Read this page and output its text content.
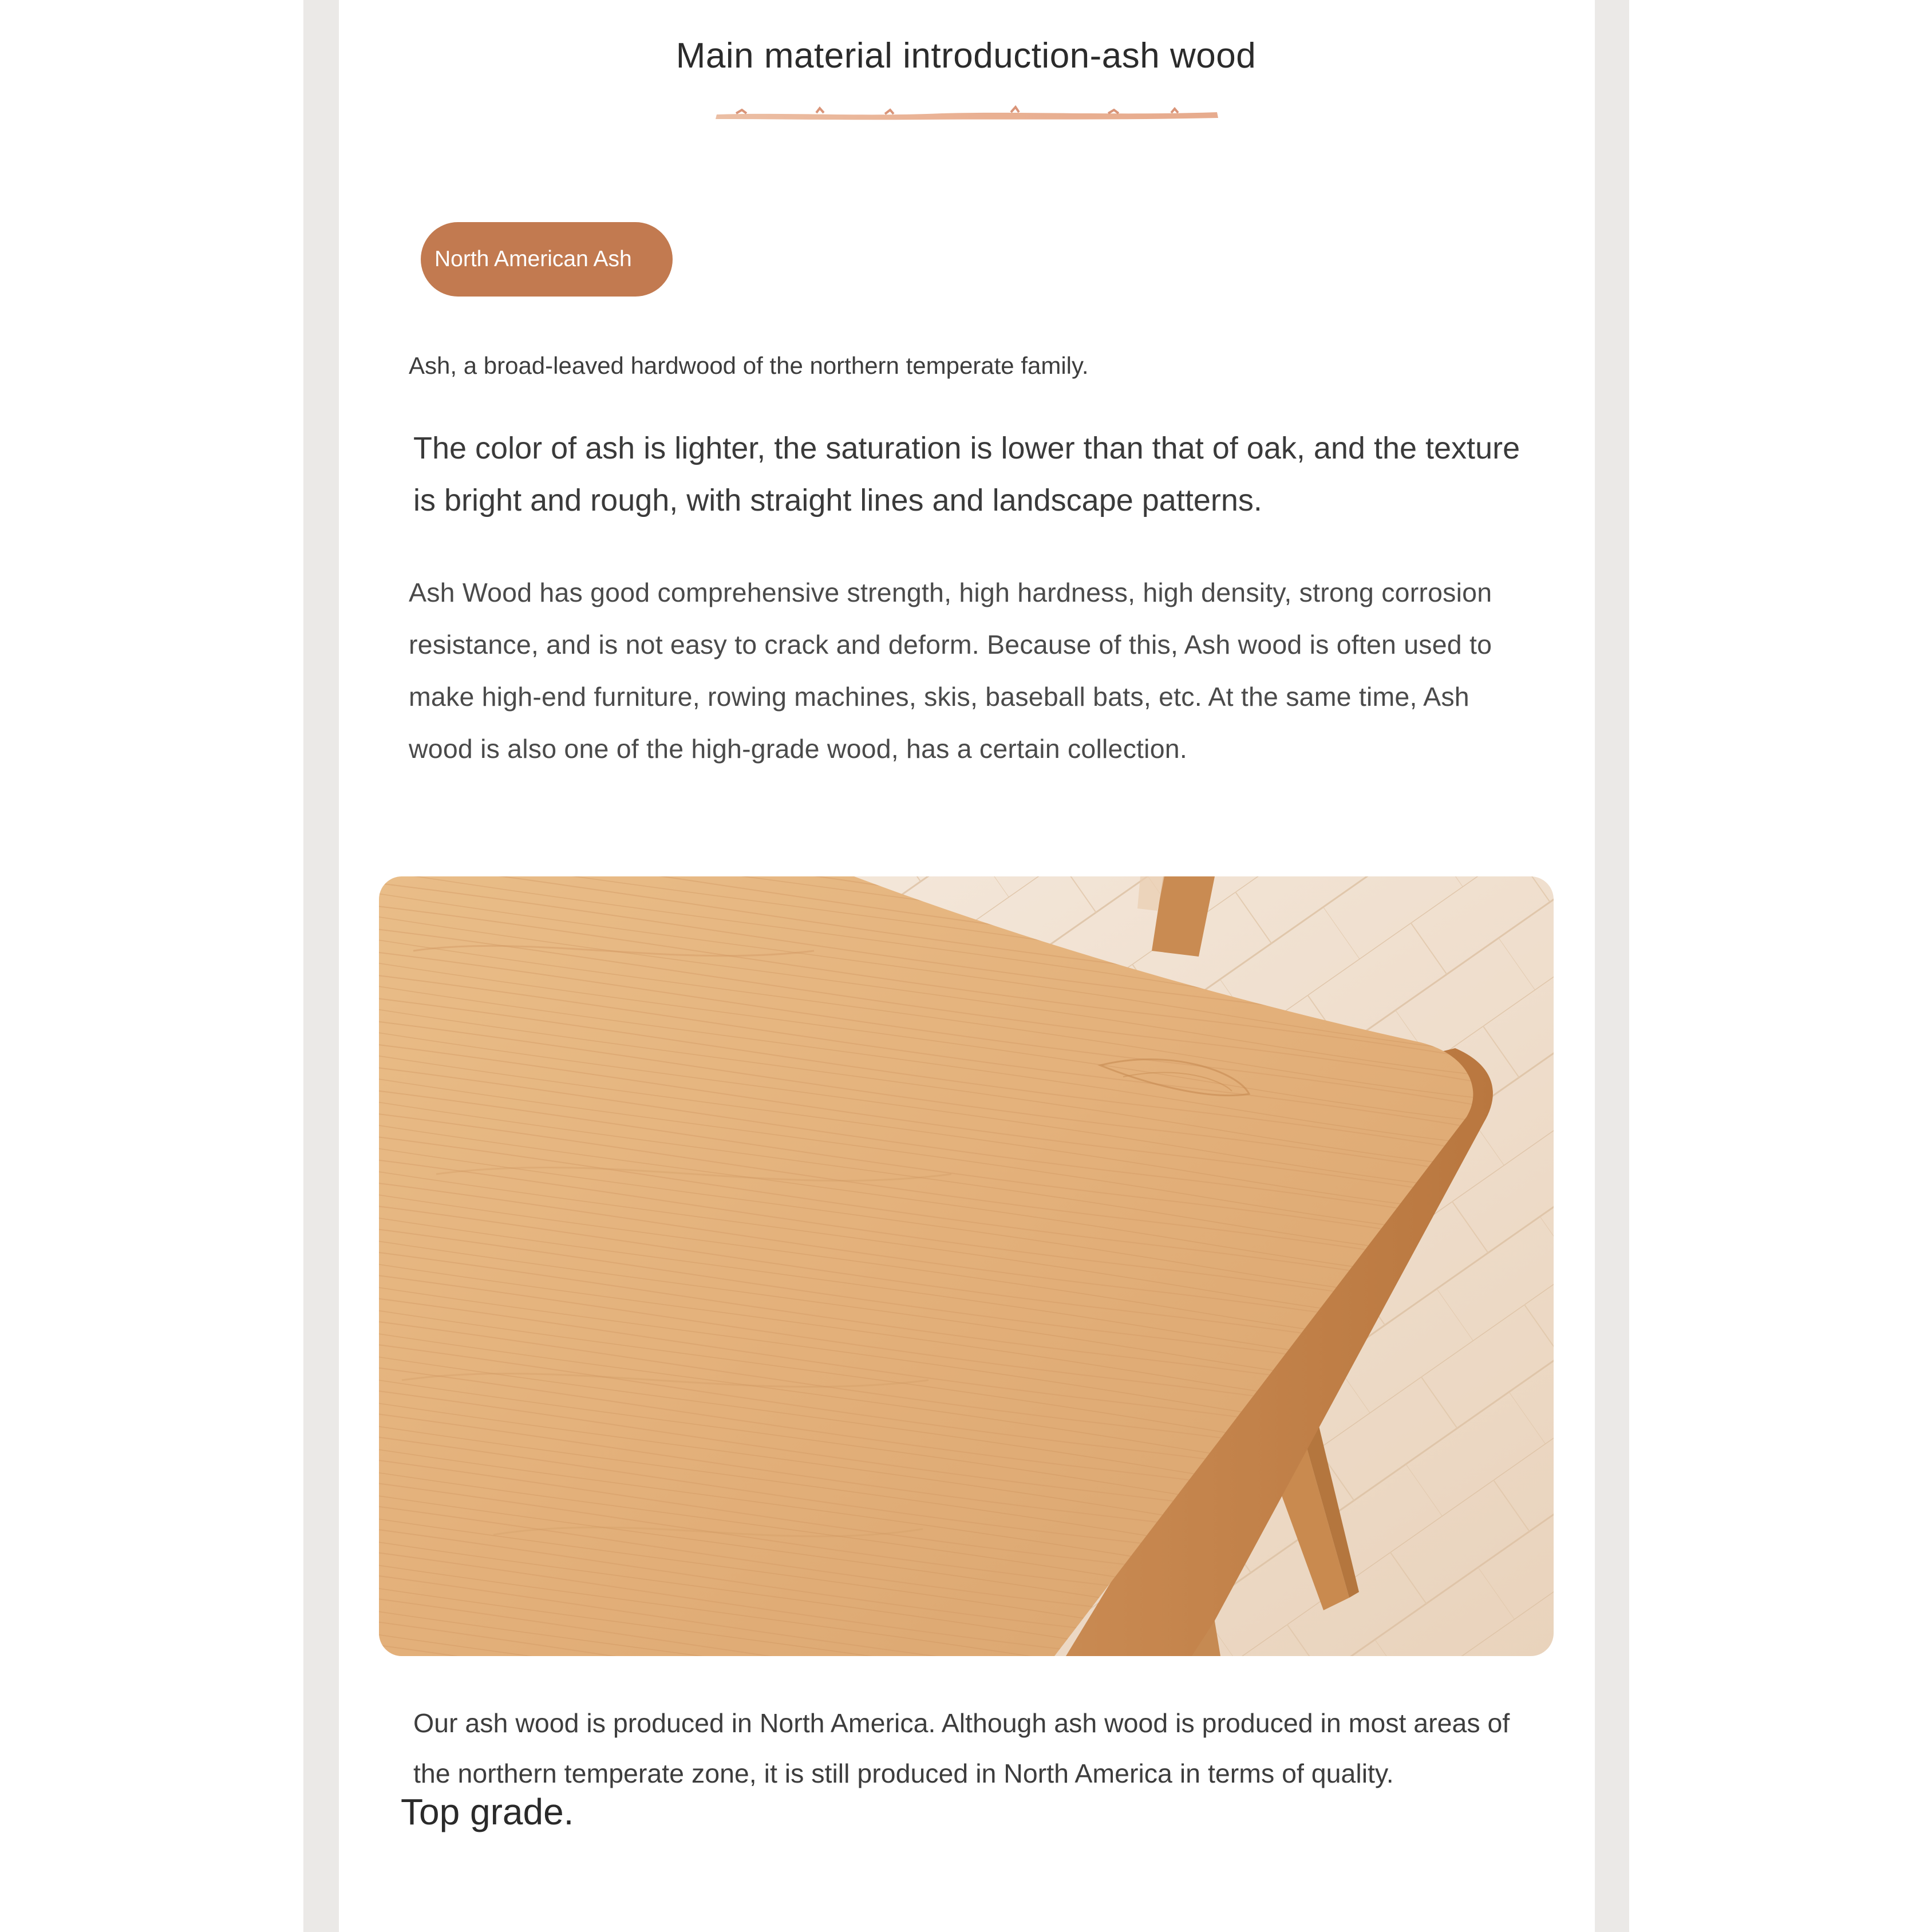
Main material introduction-ash wood
North American Ash
Ash, a broad-leaved hardwood of the northern temperate family.
The color of ash is lighter, the saturation is lower than that of oak, and the texture is bright and rough, with straight lines and landscape patterns.
Ash Wood has good comprehensive strength, high hardness, high density, strong corrosion resistance, and is not easy to crack and deform. Because of this, Ash wood is often used to make high-end furniture, rowing machines, skis, baseball bats, etc. At the same time, Ash wood is also one of the high-grade wood, has a certain collection.
Our ash wood is produced in North America. Although ash wood is produced in most areas of the northern temperate zone, it is still produced in North America in terms of quality.
Top grade.
